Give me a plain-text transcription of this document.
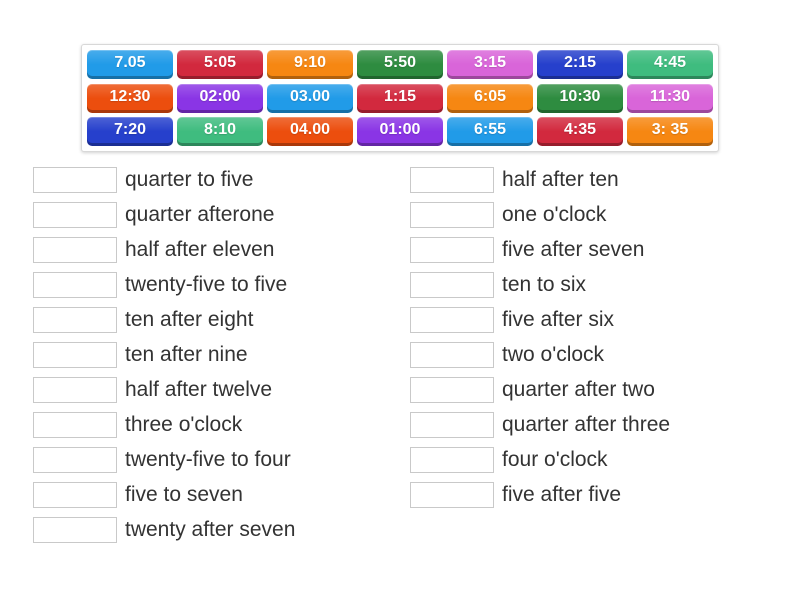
7.05	5:05	9:10	5:50	3:15	2:15	4:45
12:30	02:00	03.00	1:15	6:05	10:30	11:30
7:20	8:10	04.00	01:00	6:55	4:35	3: 35
quarter to five
quarter afterone
half after eleven
twenty-five to five
ten after eight
ten after nine
half after twelve
three o'clock
twenty-five to four
five to seven
twenty after seven
half after ten
one o'clock
five after seven
ten to six
five after six
two o'clock
quarter after two
quarter after three
four o'clock
five after five
